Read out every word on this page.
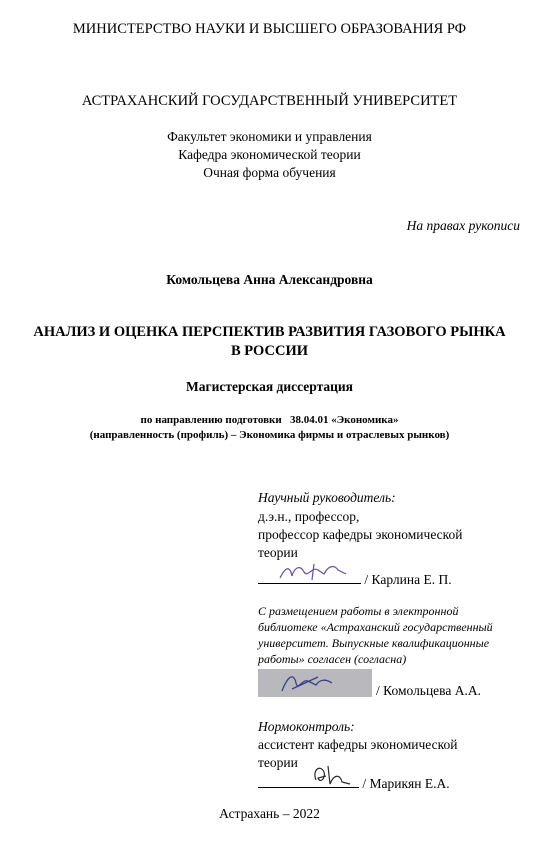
МИНИСТЕРСТВО НАУКИ И ВЫСШЕГО ОБРАЗОВАНИЯ РФ
АСТРАХАНСКИЙ ГОСУДАРСТВЕННЫЙ УНИВЕРСИТЕТ
Факультет экономики и управления
Кафедра экономической теории
Очная форма обучения
На правах рукописи
Комольцева Анна Александровна
АНАЛИЗ И ОЦЕНКА ПЕРСПЕКТИВ РАЗВИТИЯ ГАЗОВОГО РЫНКА
В РОССИИ
Магистерская диссертация
по направлению подготовки   38.04.01 «Экономика»
(направленность (профиль) – Экономика фирмы и отраслевых рынков)
Научный руководитель:
д.э.н., профессор,
профессор кафедры экономической
теории
/ Карлина Е. П.
С размещением работы в электронной
библиотеке «Астраханский государственный
университет. Выпускные квалификационные
работы» согласен (согласна)
/ Комольцева А.А.
Нормоконтроль:
ассистент кафедры экономической
теории
/ Марикян Е.А.
Астрахань – 2022
